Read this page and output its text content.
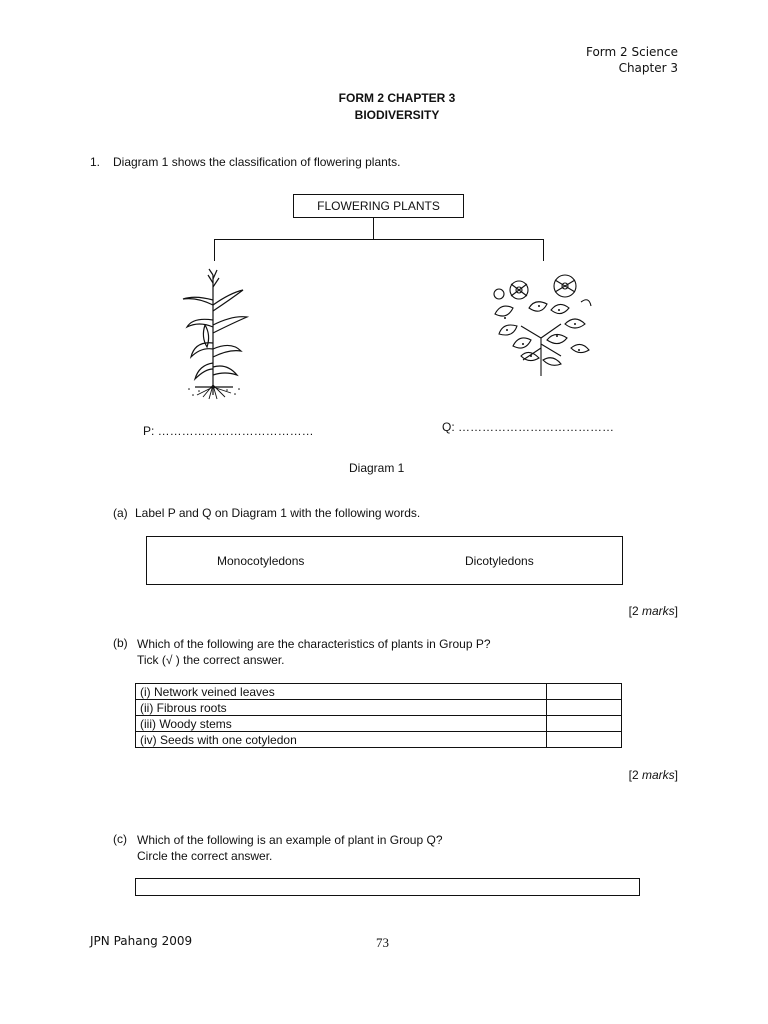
Form 2 Science
Chapter 3
FORM 2 CHAPTER 3
BIODIVERSITY
1. Diagram 1 shows the classification of flowering plants.
FLOWERING PLANTS
P: …………………………………	Q: …………………………………
Diagram 1
(a) Label P and Q on Diagram 1 with the following words.
Monocotyledons	Dicotyledons
[2 marks]
(b) Which of the following are the characteristics of plants in Group P?
Tick (√ ) the correct answer.
(i) Network veined leaves	
(ii) Fibrous roots	
(iii) Woody stems	
(iv) Seeds with one cotyledon	
[2 marks]
(c) Which of the following is an example of plant in Group Q?
Circle the correct answer.
JPN Pahang 2009	73
